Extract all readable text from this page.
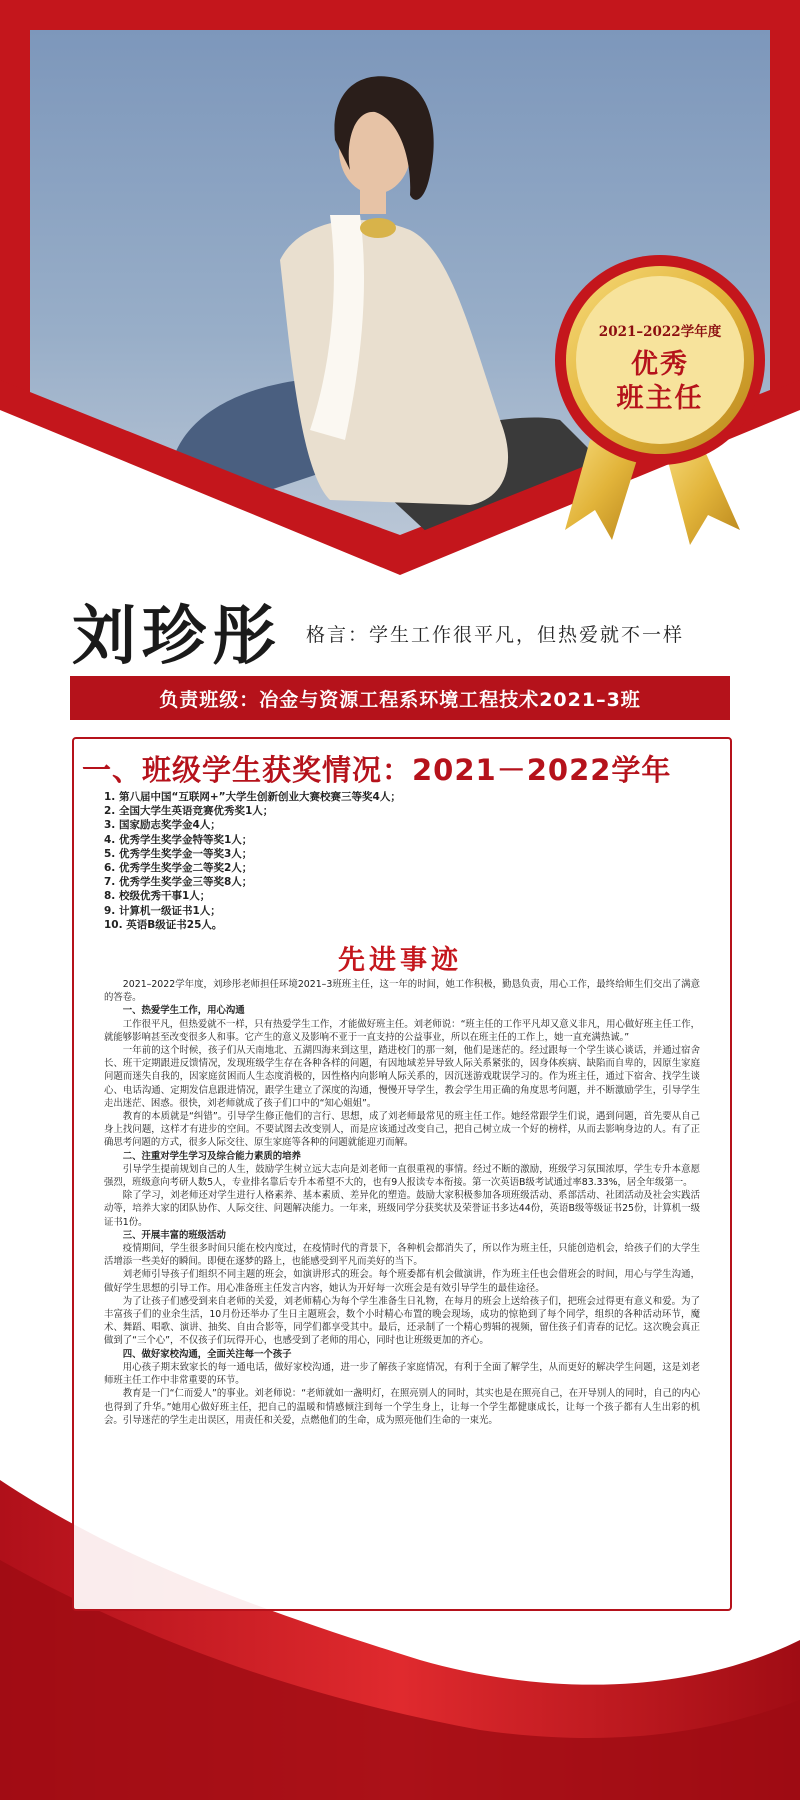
2021–2022学年度
优秀
班主任
刘珍彤 格言：学生工作很平凡，但热爱就不一样
负责班级：冶金与资源工程系环境工程技术2021–3班
一、班级学生获奖情况：2021－2022学年
1. 第八届中国“互联网+”大学生创新创业大赛校赛三等奖4人；
2. 全国大学生英语竞赛优秀奖1人；
3. 国家励志奖学金4人；
4. 优秀学生奖学金特等奖1人；
5. 优秀学生奖学金一等奖3人；
6. 优秀学生奖学金二等奖2人；
7. 优秀学生奖学金三等奖8人；
8. 校级优秀干事1人；
9. 计算机一级证书1人；
10. 英语B级证书25人。
先进事迹

2021–2022学年度，刘珍彤老师担任环境2021–3班班主任，这一年的时间，她工作积极，勤恳负责，用心工作，最终给师生们交出了满意的答卷。

一、热爱学生工作，用心沟通

工作很平凡，但热爱就不一样，只有热爱学生工作，才能做好班主任。刘老师说：“班主任的工作平凡却又意义非凡，用心做好班主任工作，就能够影响甚至改变很多人和事。它产生的意义及影响不亚于一直支持的公益事业，所以在班主任的工作上，她一直充满热诚。”

一年前的这个时候，孩子们从天南地北、五湖四海来到这里，踏进校门的那一刻，他们是迷茫的。经过跟每一个学生谈心谈话，并通过宿舍长、班干定期跟进反馈情况，发现班级学生存在各种各样的问题，有因地域差异导致人际关系紧张的，因身体疾病、缺陷而自卑的，因原生家庭问题而迷失自我的，因家庭贫困而人生态度消极的，因性格内向影响人际关系的，因沉迷游戏耽误学习的。作为班主任，通过下宿舍、找学生谈心、电话沟通、定期发信息跟进情况，跟学生建立了深度的沟通，慢慢开导学生，教会学生用正确的角度思考问题，并不断激励学生，引导学生走出迷茫、困惑。很快，刘老师就成了孩子们口中的“知心姐姐”。

教育的本质就是“纠错”。引导学生修正他们的言行、思想，成了刘老师最常见的班主任工作。她经常跟学生们说，遇到问题，首先要从自己身上找问题，这样才有进步的空间。不要试图去改变别人，而是应该通过改变自己，把自己树立成一个好的榜样，从而去影响身边的人。有了正确思考问题的方式，很多人际交往、原生家庭等各种的问题就能迎刃而解。

二、注重对学生学习及综合能力素质的培养

引导学生提前规划自己的人生，鼓励学生树立远大志向是刘老师一直很重视的事情。经过不断的激励，班级学习氛围浓厚，学生专升本意愿强烈，班级意向考研人数5人，专业排名靠后专升本希望不大的，也有9人报读专本衔接。第一次英语B级考试通过率83.33%，居全年级第一。

除了学习，刘老师还对学生进行人格素养、基本素质、差异化的塑造。鼓励大家积极参加各项班级活动、系部活动、社团活动及社会实践活动等，培养大家的团队协作、人际交往、问题解决能力。一年来，班级同学分获奖状及荣誉证书多达44份，英语B级等级证书25份，计算机一级证书1份。

三、开展丰富的班级活动

疫情期间，学生很多时间只能在校内度过，在疫情时代的背景下，各种机会都消失了，所以作为班主任，只能创造机会，给孩子们的大学生活增添一些美好的瞬间。即便在逐梦的路上，也能感受到平凡而美好的当下。

刘老师引导孩子们组织不同主题的班会，如演讲形式的班会。每个班委都有机会做演讲，作为班主任也会借班会的时间，用心与学生沟通，做好学生思想的引导工作。用心准备班主任发言内容，她认为开好每一次班会是有效引导学生的最佳途径。

为了让孩子们感受到来自老师的关爱，刘老师精心为每个学生准备生日礼物，在每月的班会上送给孩子们，把班会过得更有意义和爱。为了丰富孩子们的业余生活，10月份还举办了生日主题班会，数个小时精心布置的晚会现场，成功的惊艳到了每个同学，组织的各种活动环节，魔术、舞蹈、唱歌、演讲、抽奖、自由合影等，同学们都享受其中。最后，还录制了一个精心剪辑的视频，留住孩子们青春的记忆。这次晚会真正做到了“三个心”，不仅孩子们玩得开心，也感受到了老师的用心，同时也让班级更加的齐心。

四、做好家校沟通，全面关注每一个孩子

用心孩子期末致家长的每一通电话，做好家校沟通，进一步了解孩子家庭情况，有利于全面了解学生，从而更好的解决学生问题，这是刘老师班主任工作中非常重要的环节。

教育是一门“仁而爱人”的事业。刘老师说：“老师就如一盏明灯，在照亮别人的同时，其实也是在照亮自己，在开导别人的同时，自己的内心也得到了升华。”她用心做好班主任，把自己的温暖和情感倾注到每一个学生身上，让每一个学生都健康成长，让每一个孩子都有人生出彩的机会。引导迷茫的学生走出误区，用责任和关爱，点燃他们的生命，成为照亮他们生命的一束光。
